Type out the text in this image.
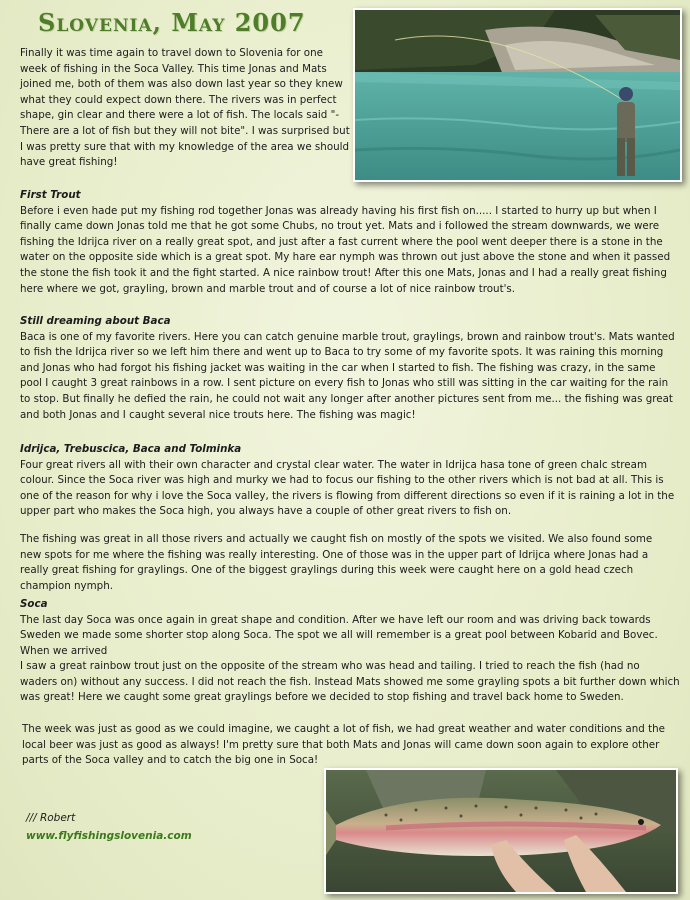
Slovenia, May 2007

Finally it was time again to travel down to Slovenia for one week of fishing in the Soca Valley. This time Jonas and Mats joined me, both of them was also down last year so they knew what they could expect down there. The rivers was in perfect shape, gin clear and there were a lot of fish. The locals said "-There are a lot of fish but they will not bite". I was surprised but I was pretty sure that with my knowledge of the area we should have great fishing!

First Trout
Before i even hade put my fishing rod together Jonas was already having his first fish on..... I started to hurry up but when I finally came down Jonas told me that he got some Chubs, no trout yet. Mats and i followed the stream downwards, we were fishing the Idrijca river on a really great spot, and just after a fast current where the pool went deeper there is a stone in the water on the opposite side which is a great spot. My hare ear nymph was thrown out just above the stone and when it passed the stone the fish took it and the fight started. A nice rainbow trout! After this one Mats, Jonas and I had a really great fishing here where we got, grayling, brown and marble trout and of course a lot of nice rainbow trout's.

Still dreaming about Baca
Baca is one of my favorite rivers. Here you can catch genuine marble trout, graylings, brown and rainbow trout's. Mats wanted to fish the Idrijca river so we left him there and went up to Baca to try some of my favorite spots. It was raining this morning and Jonas who had forgot his fishing jacket was waiting in the car when I started to fish. The fishing was crazy, in the same pool I caught 3 great rainbows in a row. I sent picture on every fish to Jonas who still was sitting in the car waiting for the rain to stop. But finally he defied the rain, he could not wait any longer after another pictures sent from me... the fishing was great and both Jonas and I caught several nice trouts here. The fishing was magic!

Idrijca, Trebuscica, Baca and Tolminka
Four great rivers all with their own character and crystal clear water. The water in Idrijca hasa tone of green chalc stream colour. Since the Soca river was high and murky we had to focus our fishing to the other rivers which is not bad at all. This is one of the reason for why i love the Soca valley, the rivers is flowing from different directions so even if it is raining a lot in the upper part who makes the Soca high, you always have a couple of other great rivers to fish on.

The fishing was great in all those rivers and actually we caught fish on mostly of the spots we visited. We also found some new spots for me where the fishing was really interesting. One of those was in the upper part of Idrijca where Jonas had a really great fishing for graylings. One of the biggest graylings during this week were caught here on a gold head czech champion nymph.

Soca
The last day Soca was once again in great shape and condition. After we have left our room and was driving back towards Sweden we made some shorter stop along Soca. The spot we all will remember is a great pool between Kobarid and Bovec. When we arrived

I saw a great rainbow trout just on the opposite of the stream who was head and tailing. I tried to reach the fish (had no waders on) without any success. I did not reach the fish. Instead Mats showed me some grayling spots a bit further down which was great! Here we caught some great graylings before we decided to stop fishing and travel back home to Sweden.

The week was just as good as we could imagine, we caught a lot of fish, we had great weather and water conditions and the local beer was just as good as always! I'm pretty sure that both Mats and Jonas will came down soon again to explore other parts of the Soca valley and to catch the big one in Soca!

/// Robert
www.flyfishingslovenia.com
